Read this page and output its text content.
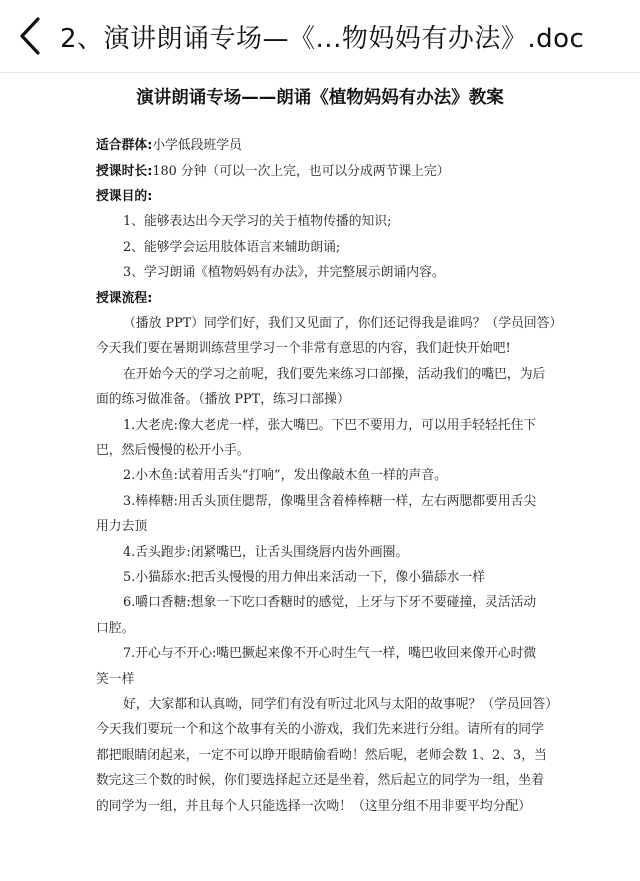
2、演讲朗诵专场—《...物妈妈有办法》.doc
演讲朗诵专场——朗诵《植物妈妈有办法》教案
适合群体:小学低段班学员
授课时长:180 分钟（可以一次上完，也可以分成两节课上完）
授课目的:
1、能够表达出今天学习的关于植物传播的知识;
2、能够学会运用肢体语言来辅助朗诵;
3、学习朗诵《植物妈妈有办法》，并完整展示朗诵内容。
授课流程:
（播放 PPT）同学们好，我们又见面了，你们还记得我是谁吗？（学员回答）
今天我们要在暑期训练营里学习一个非常有意思的内容，我们赶快开始吧!
在开始今天的学习之前呢，我们要先来练习口部操，活动我们的嘴巴，为后
面的练习做准备。（播放 PPT，练习口部操）
1.大老虎:像大老虎一样，张大嘴巴。下巴不要用力，可以用手轻轻托住下
巴，然后慢慢的松开小手。
2.小木鱼:试着用舌头“打响”，发出像敲木鱼一样的声音。
3.棒棒糖:用舌头顶住腮帮，像嘴里含着棒棒糖一样，左右两腮都要用舌尖
用力去顶
4.舌头跑步:闭紧嘴巴，让舌头围绕唇内齿外画圈。
5.小猫舔水:把舌头慢慢的用力伸出来活动一下，像小猫舔水一样
6.嚼口香糖:想象一下吃口香糖时的感觉，上牙与下牙不要碰撞，灵活活动
口腔。
7.开心与不开心:嘴巴撅起来像不开心时生气一样，嘴巴收回来像开心时微
笑一样
好，大家都和认真呦，同学们有没有听过北风与太阳的故事呢？（学员回答）
今天我们要玩一个和这个故事有关的小游戏，我们先来进行分组。请所有的同学
都把眼睛闭起来，一定不可以睁开眼睛偷看呦！然后呢，老师会数 1、2、3，当
数完这三个数的时候，你们要选择起立还是坐着，然后起立的同学为一组，坐着
的同学为一组，并且每个人只能选择一次呦！（这里分组不用非要平均分配）
